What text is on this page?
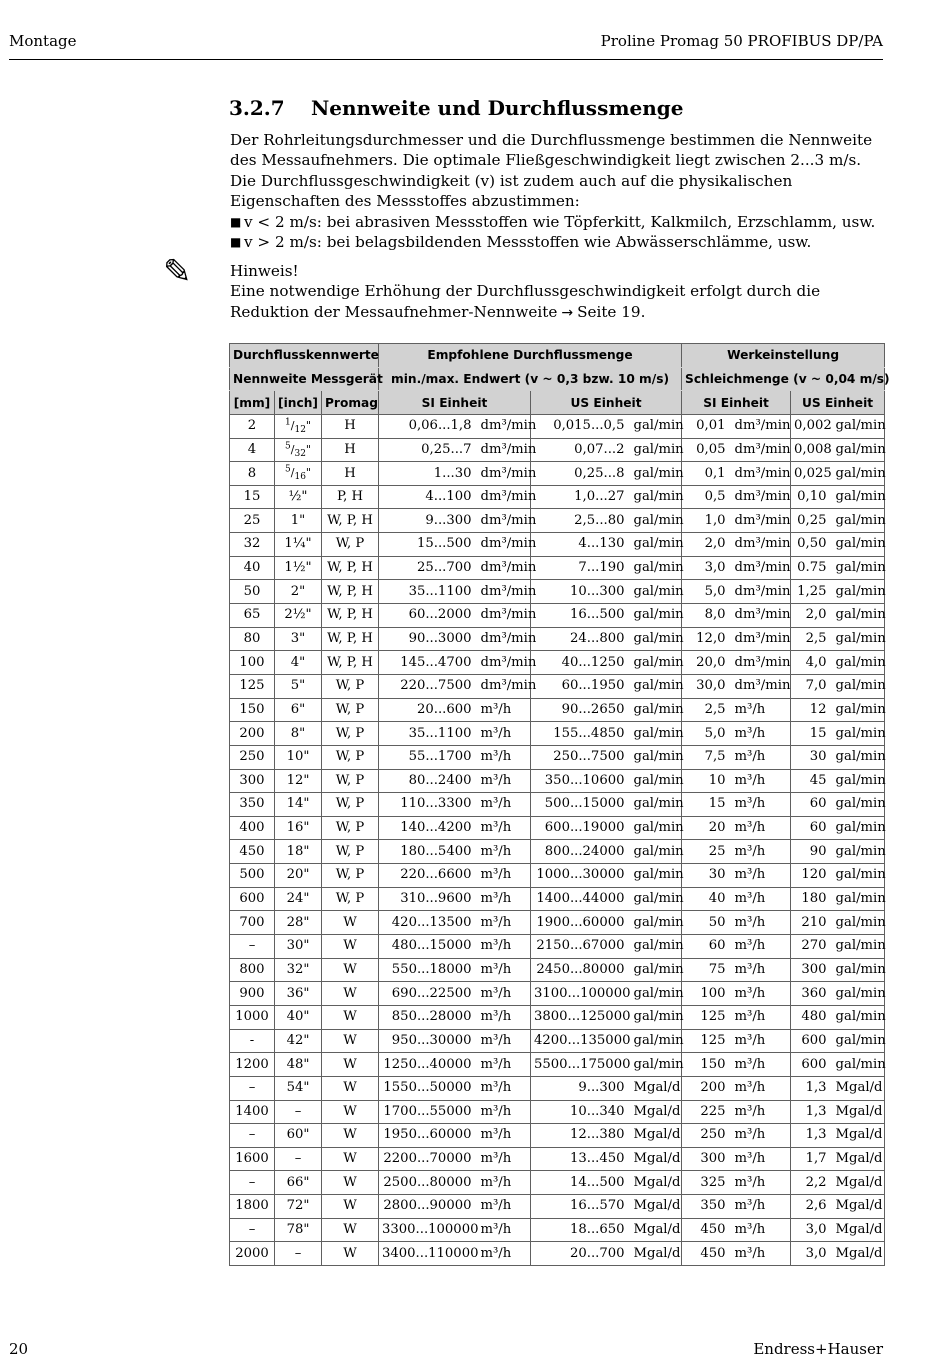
Montage	Proline Promag 50 PROFIBUS DP/PA
3.2.7 Nennweite und Durchflussmenge

Der Rohrleitungsdurchmesser und die Durchflussmenge bestimmen die Nennweite des Messaufnehmers. Die optimale Fließgeschwindigkeit liegt zwischen 2...3 m/s. Die Durchflussgeschwindigkeit (v) ist zudem auch auf die physikalischen Eigenschaften des Messstoffes abzustimmen:

■ v < 2 m/s: bei abrasiven Messstoffen wie Töpferkitt, Kalkmilch, Erzschlamm, usw.

■ v > 2 m/s: bei belagsbildenden Messstoffen wie Abwässerschlämme, usw.

✎	Hinweis!

Eine notwendige Erhöhung der Durchflussgeschwindigkeit erfolgt durch die Reduktion der Messaufnehmer-Nennweite → Seite 19.

Durchflusskennwerte			Empfohlene Durchflussmenge				Werkeinstellung			
Nennweite Messgerät			min./max. Endwert (v ~ 0,3 bzw. 10 m/s)				Schleichmenge (v ~ 0,04 m/s)			
[mm]	[inch]	Promag	SI Einheit		US Einheit		SI Einheit		US Einheit	
2	$^1/_{12}$"	H	0,06...1,8	dm³/min	0,015...0,5	gal/min	0,01	dm³/min	0,002	gal/min
4	$^5/_{32}$"	H	0,25...7	dm³/min	0,07...2	gal/min	0,05	dm³/min	0,008	gal/min
8	$^5/_{16}$"	H	1...30	dm³/min	0,25...8	gal/min	0,1	dm³/min	0,025	gal/min
15	½"	P, H	4...100	dm³/min	1,0...27	gal/min	0,5	dm³/min	0,10	gal/min
25	1"	W, P, H	9...300	dm³/min	2,5...80	gal/min	1,0	dm³/min	0,25	gal/min
32	1¼"	W, P	15...500	dm³/min	4...130	gal/min	2,0	dm³/min	0,50	gal/min
40	1½"	W, P, H	25...700	dm³/min	7...190	gal/min	3,0	dm³/min	0.75	gal/min
50	2"	W, P, H	35...1100	dm³/min	10...300	gal/min	5,0	dm³/min	1,25	gal/min
65	2½"	W, P, H	60...2000	dm³/min	16...500	gal/min	8,0	dm³/min	2,0	gal/min
80	3"	W, P, H	90...3000	dm³/min	24...800	gal/min	12,0	dm³/min	2,5	gal/min
100	4"	W, P, H	145...4700	dm³/min	40...1250	gal/min	20,0	dm³/min	4,0	gal/min
125	5"	W, P	220...7500	dm³/min	60...1950	gal/min	30,0	dm³/min	7,0	gal/min
150	6"	W, P	20...600	m³/h	90...2650	gal/min	2,5	m³/h	12	gal/min
200	8"	W, P	35...1100	m³/h	155...4850	gal/min	5,0	m³/h	15	gal/min
250	10"	W, P	55...1700	m³/h	250...7500	gal/min	7,5	m³/h	30	gal/min
300	12"	W, P	80...2400	m³/h	350...10600	gal/min	10	m³/h	45	gal/min
350	14"	W, P	110...3300	m³/h	500...15000	gal/min	15	m³/h	60	gal/min
400	16"	W, P	140...4200	m³/h	600...19000	gal/min	20	m³/h	60	gal/min
450	18"	W, P	180...5400	m³/h	800...24000	gal/min	25	m³/h	90	gal/min
500	20"	W, P	220...6600	m³/h	1000...30000	gal/min	30	m³/h	120	gal/min
600	24"	W, P	310...9600	m³/h	1400...44000	gal/min	40	m³/h	180	gal/min
700	28"	W	420...13500	m³/h	1900...60000	gal/min	50	m³/h	210	gal/min
–	30"	W	480...15000	m³/h	2150...67000	gal/min	60	m³/h	270	gal/min
800	32"	W	550...18000	m³/h	2450...80000	gal/min	75	m³/h	300	gal/min
900	36"	W	690...22500	m³/h	3100...100000	gal/min	100	m³/h	360	gal/min
1000	40"	W	850...28000	m³/h	3800...125000	gal/min	125	m³/h	480	gal/min
-	42"	W	950...30000	m³/h	4200...135000	gal/min	125	m³/h	600	gal/min
1200	48"	W	1250...40000	m³/h	5500...175000	gal/min	150	m³/h	600	gal/min
–	54"	W	1550...50000	m³/h	9...300	Mgal/d	200	m³/h	1,3	Mgal/d
1400	–	W	1700...55000	m³/h	10...340	Mgal/d	225	m³/h	1,3	Mgal/d
–	60"	W	1950...60000	m³/h	12...380	Mgal/d	250	m³/h	1,3	Mgal/d
1600	–	W	2200...70000	m³/h	13...450	Mgal/d	300	m³/h	1,7	Mgal/d
–	66"	W	2500...80000	m³/h	14...500	Mgal/d	325	m³/h	2,2	Mgal/d
1800	72"	W	2800...90000	m³/h	16...570	Mgal/d	350	m³/h	2,6	Mgal/d
–	78"	W	3300...100000	m³/h	18...650	Mgal/d	450	m³/h	3,0	Mgal/d
2000	–	W	3400...110000	m³/h	20...700	Mgal/d	450	m³/h	3,0	Mgal/d
20	Endress+Hauser
